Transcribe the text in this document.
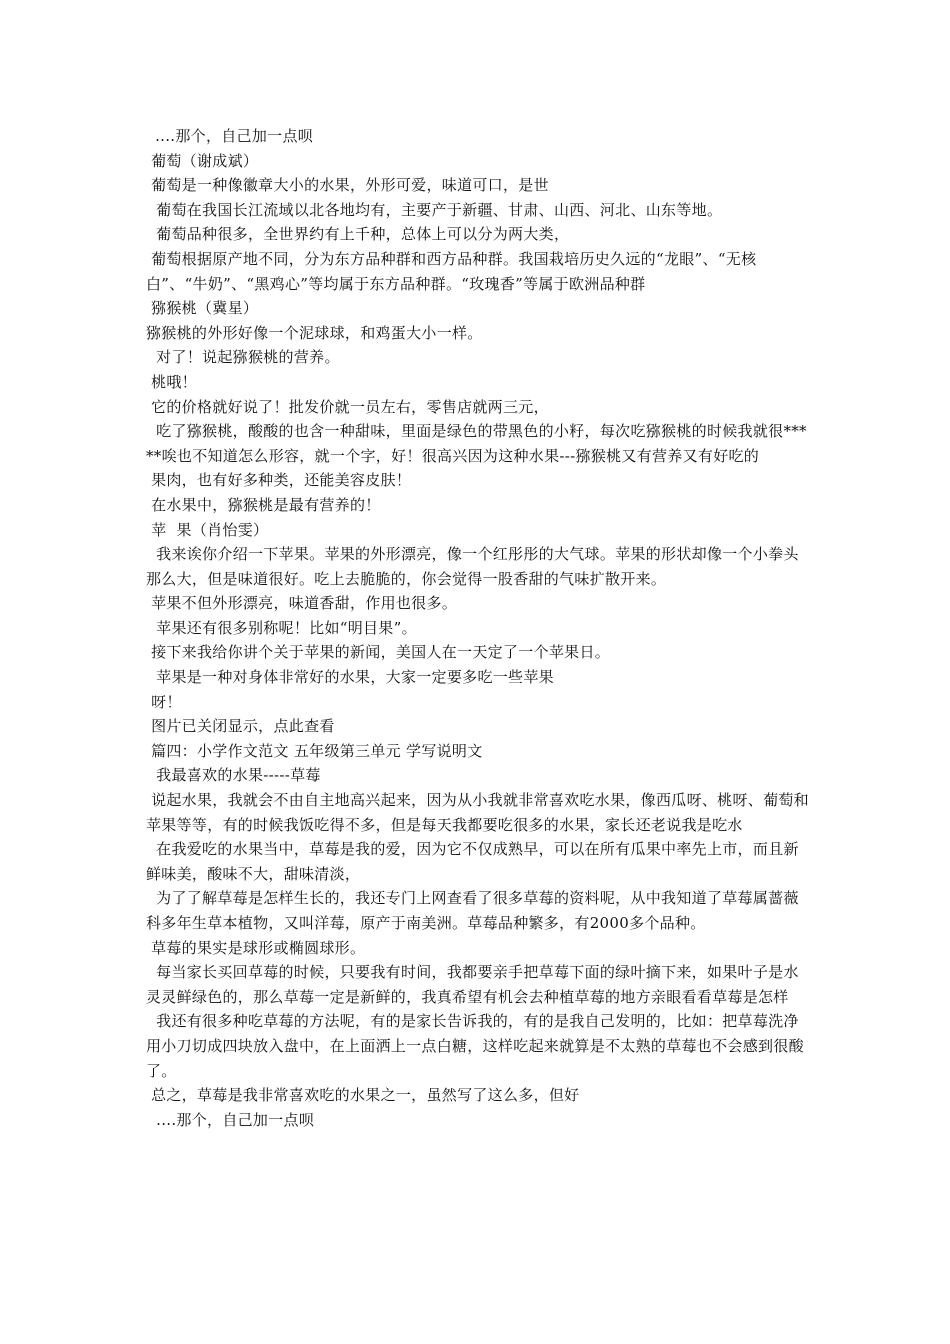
....那个，自己加一点呗

葡萄（谢成斌）

葡萄是一种像徽章大小的水果，外形可爱，味道可口，是世

葡萄在我国长江流域以北各地均有，主要产于新疆、甘肃、山西、河北、山东等地。

葡萄品种很多，全世界约有上千种，总体上可以分为两大类，

葡萄根据原产地不同，分为东方品种群和西方品种群。我国栽培历史久远的“龙眼”、“无核白”、“牛奶”、“黑鸡心”等均属于东方品种群。“玫瑰香”等属于欧洲品种群

猕猴桃（冀星）

猕猴桃的外形好像一个泥球球，和鸡蛋大小一样。

对了！说起猕猴桃的营养。

桃哦！

它的价格就好说了！批发价就一员左右，零售店就两三元，

吃了猕猴桃，酸酸的也含一种甜味，里面是绿色的带黑色的小籽，每次吃猕猴桃的时候我就很*****唉也不知道怎么形容，就一个字，好！很高兴因为这种水果---猕猴桃又有营养又有好吃的

果肉，也有好多种类，还能美容皮肤！

在水果中，猕猴桃是最有营养的！

苹  果（肖怡雯）

我来诶你介绍一下苹果。苹果的外形漂亮，像一个红彤彤的大气球。苹果的形状却像一个小拳头那么大，但是味道很好。吃上去脆脆的，你会觉得一股香甜的气味扩散开来。

苹果不但外形漂亮，味道香甜，作用也很多。

苹果还有很多别称呢！比如“明目果”。

接下来我给你讲个关于苹果的新闻，美国人在一天定了一个苹果日。

苹果是一种对身体非常好的水果，大家一定要多吃一些苹果

呀！

图片已关闭显示，点此查看

篇四：小学作文范文 五年级第三单元 学写说明文

我最喜欢的水果-----草莓

说起水果，我就会不由自主地高兴起来，因为从小我就非常喜欢吃水果，像西瓜呀、桃呀、葡萄和苹果等等，有的时候我饭吃得不多，但是每天我都要吃很多的水果，家长还老说我是吃水

在我爱吃的水果当中，草莓是我的爱，因为它不仅成熟早，可以在所有瓜果中率先上市，而且新鲜味美，酸味不大，甜味清淡，

为了了解草莓是怎样生长的，我还专门上网查看了很多草莓的资料呢，从中我知道了草莓属蔷薇科多年生草本植物，又叫洋莓，原产于南美洲。草莓品种繁多，有2000多个品种。

草莓的果实是球形或椭圆球形。

每当家长买回草莓的时候，只要我有时间，我都要亲手把草莓下面的绿叶摘下来，如果叶子是水灵灵鲜绿色的，那么草莓一定是新鲜的，我真希望有机会去种植草莓的地方亲眼看看草莓是怎样

我还有很多种吃草莓的方法呢，有的是家长告诉我的，有的是我自己发明的，比如：把草莓洗净用小刀切成四块放入盘中，在上面洒上一点白糖，这样吃起来就算是不太熟的草莓也不会感到很酸了。

总之，草莓是我非常喜欢吃的水果之一，虽然写了这么多，但好

....那个，自己加一点呗
